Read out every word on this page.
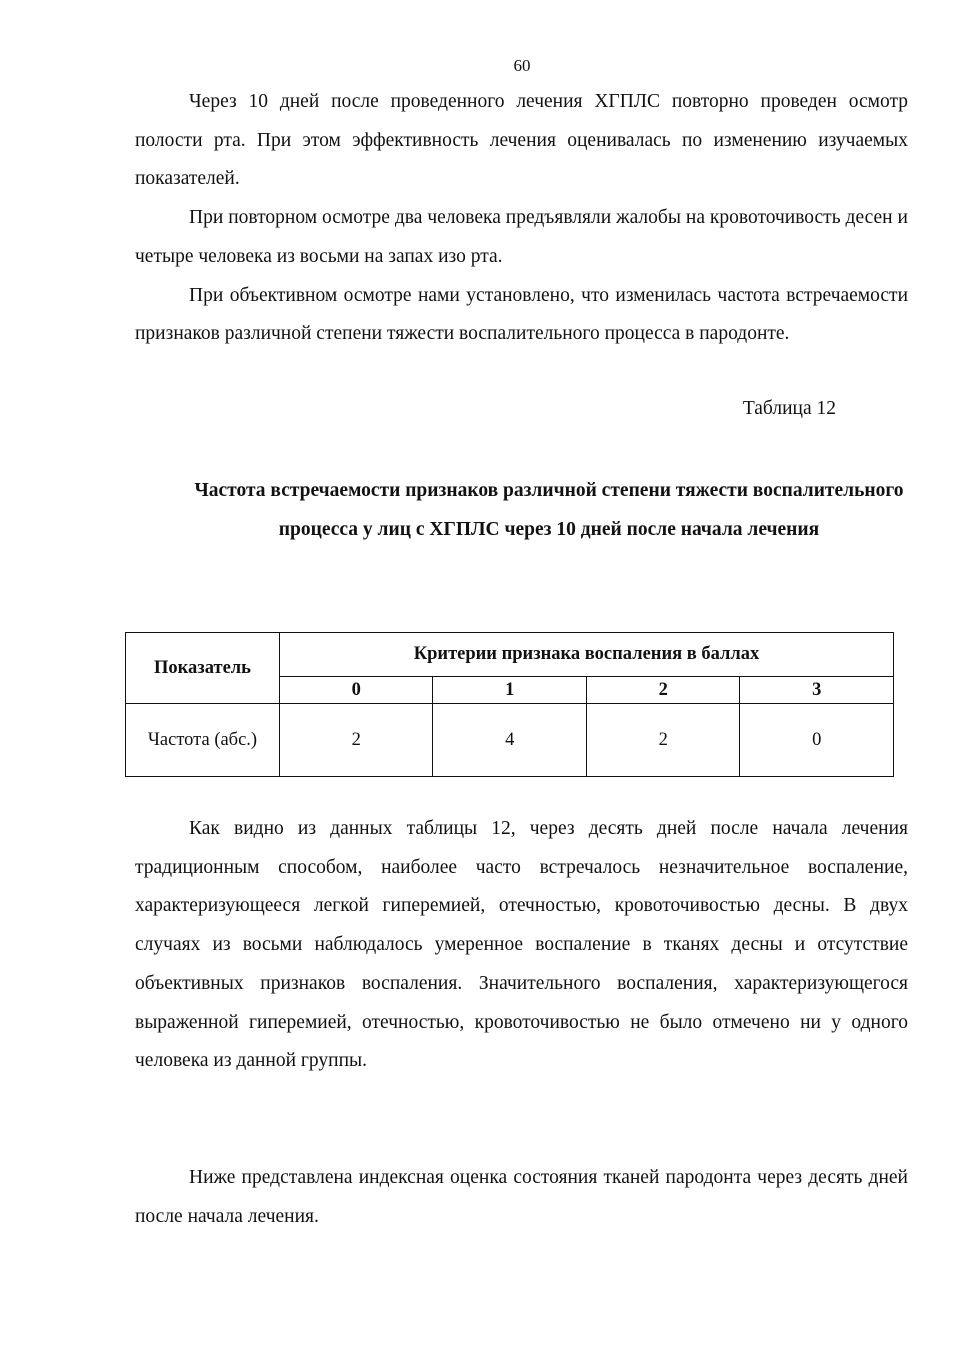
60

Через 10 дней после проведенного лечения ХГПЛС повторно проведен осмотр полости рта. При этом эффективность лечения оценивалась по изменению изучаемых показателей.

При повторном осмотре два человека предъявляли жалобы на кровоточивость десен и четыре человека из восьми на запах изо рта.

При объективном осмотре нами установлено, что изменилась частота встречаемости признаков различной степени тяжести воспалительного процесса в пародонте.

Таблица 12
Частота встречаемости признаков различной степени тяжести воспалительного процесса у лиц с ХГПЛС через 10 дней после начала лечения
Показатель	Критерии признака воспаления в баллах			
	0	1	2	3
Частота (абс.)	2	4	2	0

Как видно из данных таблицы 12, через десять дней после начала лечения традиционным способом, наиболее часто встречалось незначительное воспаление, характеризующееся легкой гиперемией, отечностью, кровоточивостью десны. В двух случаях из восьми наблюдалось умеренное воспаление в тканях десны и отсутствие объективных признаков воспаления. Значительного воспаления, характеризующегося выраженной гиперемией, отечностью, кровоточивостью не было отмечено ни у одного человека из данной группы.

Ниже представлена индексная оценка состояния тканей пародонта через десять дней после начала лечения.
